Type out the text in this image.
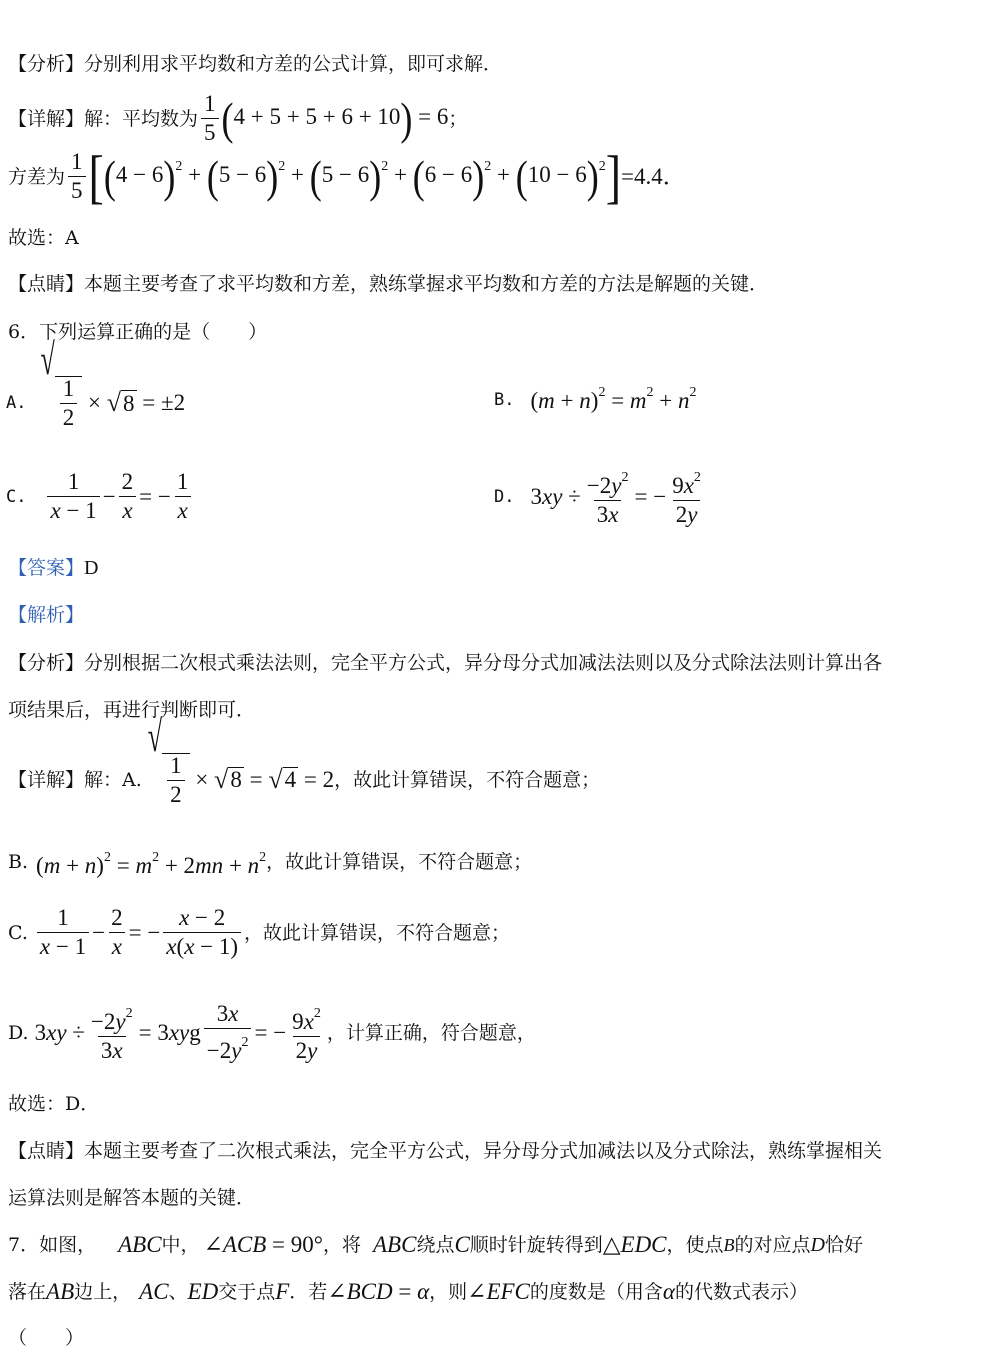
【分析】分别利用求平均数和方差的公式计算，即可求解．
【详解】 解：平均数为 $\frac{1}{5} (4 + 5 + 5 + 6 + 10) = 6$ ；
方差为 $\frac{1}{5} [(4 - 6)^2 + (5 - 6)^2 + (5 - 6)^2 + (6 - 6)^2 + (10 - 6)^2] =4.4$．
故选：A
【点睛】本题主要考查了求平均数和方差，熟练掌握求平均数和方差的方法是解题的关键．
6．下列运算正确的是（　　）
A.
√
$\frac{1}{2}$ × √ 8 = ±2	B. $(m + n)^2 = m^2 + n^2$
C. $\frac{1}{x - 1} - \frac{2}{x}$ = − $\frac{1}{x}$	D. 3 xy ÷ $\frac{-2y^2}{3x}$ = − $\frac{9x^2}{2y}$
【答案】D
【解析】
【分析】分别根据二次根式乘法法则，完全平方公式，异分母分式加减法法则以及分式除法法则计算出各
项结果后，再进行判断即可．
【详解】 解：A.
√
$\frac{1}{2}$ × √ 8 = √ 4 = 2 ，故此计算错误，不符合题意；
B. $(m + n)^2 = m^2 + 2mn + n^2$ ，故此计算错误，不符合题意；
C. $\frac{1}{x - 1} - \frac{2}{x}$ = − $\frac{x - 2}{x(x - 1)}$ ，故此计算错误，不符合题意；
D. 3 xy ÷ $\frac{-2y^2}{3x} = 3$ xy g $\frac{3x}{-2y^2}$ = − $\frac{9x^2}{2y}$ ，计算正确，符合题意，
故选：D．
【点睛】本题主要考查了二次根式乘法，完全平方公式，异分母分式加减法以及分式除法，熟练掌握相关
运算法则是解答本题的关键．
7．如图， ABC 中， ∠ACB = 90° ，将 ABC 绕点 C 顺时针旋转得到 △EDC ，使点 B 的对应点 D 恰好
落在 AB 边上， AC 、 ED 交于点 F ．若 ∠BCD = α ，则 ∠EFC 的度数是（用含 α 的代数式表示）
（　　）
